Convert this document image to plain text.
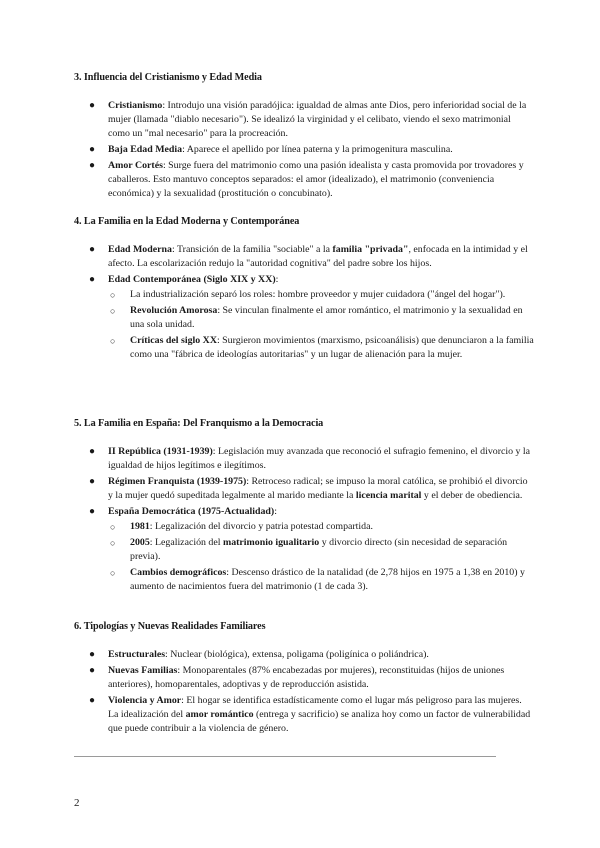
3. Influencia del Cristianismo y Edad Media
● Cristianismo: Introdujo una visión paradójica: igualdad de almas ante Dios, pero inferioridad social de la mujer (llamada "diablo necesario"). Se idealizó la virginidad y el celibato, viendo el sexo matrimonial como un "mal necesario" para la procreación.
● Baja Edad Media: Aparece el apellido por línea paterna y la primogenitura masculina.
● Amor Cortés: Surge fuera del matrimonio como una pasión idealista y casta promovida por trovadores y caballeros. Esto mantuvo conceptos separados: el amor (idealizado), el matrimonio (conveniencia económica) y la sexualidad (prostitución o concubinato).
4. La Familia en la Edad Moderna y Contemporánea
● Edad Moderna: Transición de la familia "sociable" a la familia "privada", enfocada en la intimidad y el afecto. La escolarización redujo la "autoridad cognitiva" del padre sobre los hijos.
● Edad Contemporánea (Siglo XIX y XX):
○ La industrialización separó los roles: hombre proveedor y mujer cuidadora ("ángel del hogar").
○ Revolución Amorosa: Se vinculan finalmente el amor romántico, el matrimonio y la sexualidad en una sola unidad.
○ Críticas del siglo XX: Surgieron movimientos (marxismo, psicoanálisis) que denunciaron a la familia como una "fábrica de ideologías autoritarias" y un lugar de alienación para la mujer.
5. La Familia en España: Del Franquismo a la Democracia
● II República (1931-1939): Legislación muy avanzada que reconoció el sufragio femenino, el divorcio y la igualdad de hijos legítimos e ilegítimos.
● Régimen Franquista (1939-1975): Retroceso radical; se impuso la moral católica, se prohibió el divorcio y la mujer quedó supeditada legalmente al marido mediante la licencia marital y el deber de obediencia.
● España Democrática (1975-Actualidad):
○ 1981: Legalización del divorcio y patria potestad compartida.
○ 2005: Legalización del matrimonio igualitario y divorcio directo (sin necesidad de separación previa).
○ Cambios demográficos: Descenso drástico de la natalidad (de 2,78 hijos en 1975 a 1,38 en 2010) y aumento de nacimientos fuera del matrimonio (1 de cada 3).
6. Tipologías y Nuevas Realidades Familiares
● Estructurales: Nuclear (biológica), extensa, poligama (poligínica o poliándrica).
● Nuevas Familias: Monoparentales (87% encabezadas por mujeres), reconstituidas (hijos de uniones anteriores), homoparentales, adoptivas y de reproducción asistida.
● Violencia y Amor: El hogar se identifica estadísticamente como el lugar más peligroso para las mujeres. La idealización del amor romántico (entrega y sacrificio) se analiza hoy como un factor de vulnerabilidad que puede contribuir a la violencia de género.
2
